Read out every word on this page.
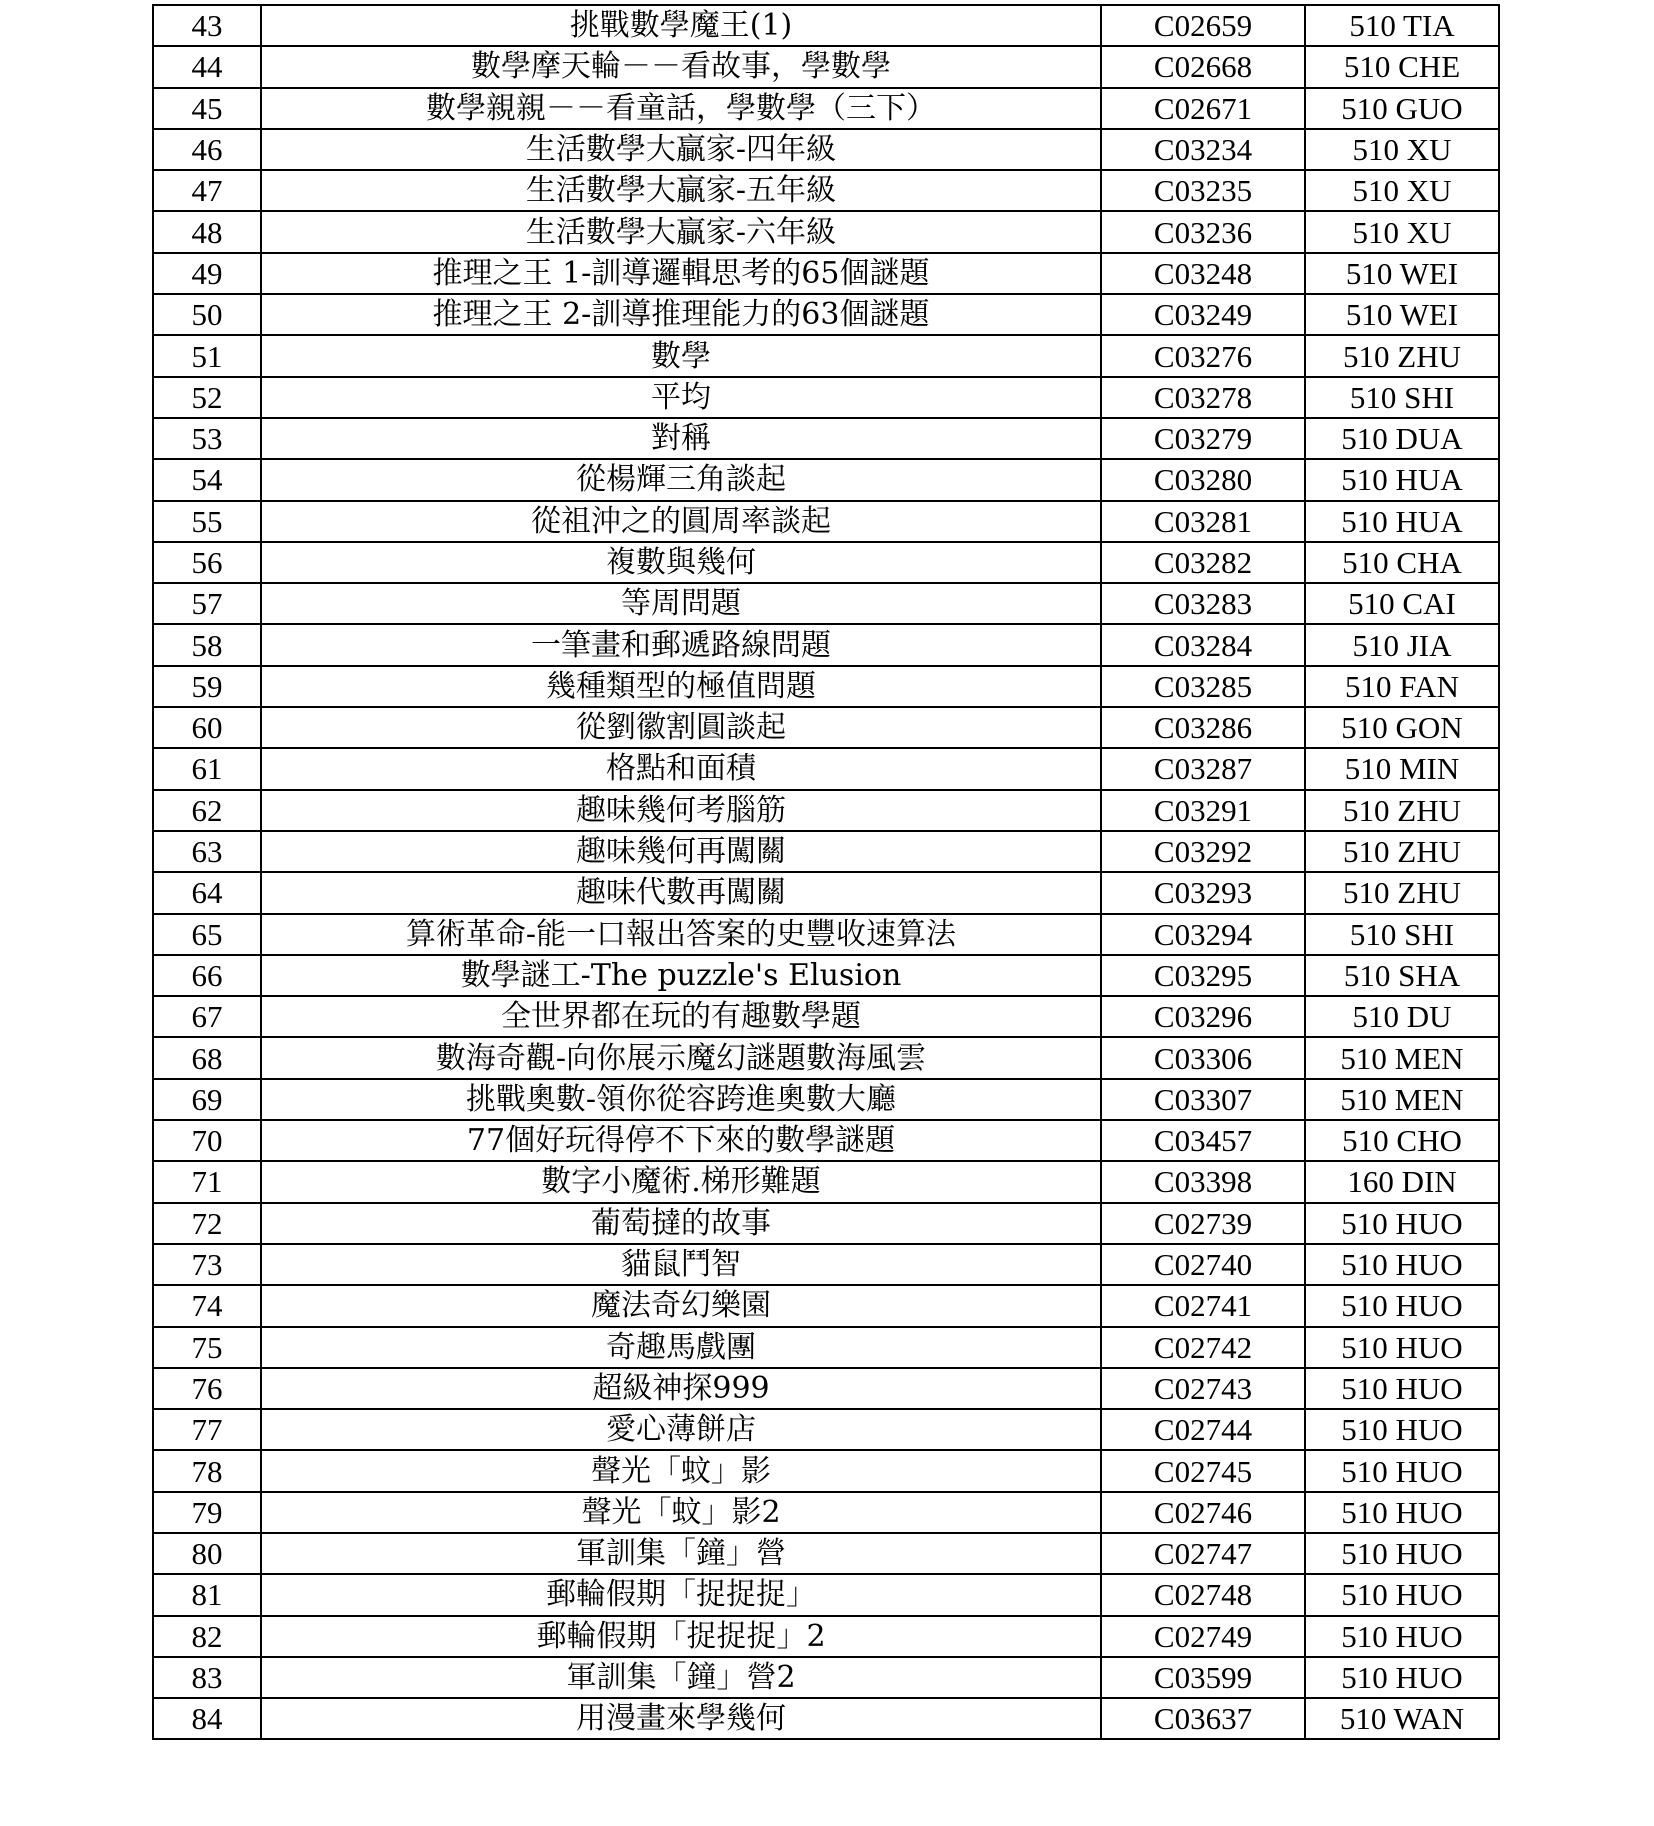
43	挑戰數學魔王(1)	C02659	510 TIA
44	數學摩天輪－－看故事，學數學	C02668	510 CHE
45	數學親親－－看童話，學數學（三下）	C02671	510 GUO
46	生活數學大贏家-四年級	C03234	510 XU
47	生活數學大贏家-五年級	C03235	510 XU
48	生活數學大贏家-六年級	C03236	510 XU
49	推理之王 1-訓導邏輯思考的65個謎題	C03248	510 WEI
50	推理之王 2-訓導推理能力的63個謎題	C03249	510 WEI
51	數學	C03276	510 ZHU
52	平均	C03278	510 SHI
53	對稱	C03279	510 DUA
54	從楊輝三角談起	C03280	510 HUA
55	從祖沖之的圓周率談起	C03281	510 HUA
56	複數與幾何	C03282	510 CHA
57	等周問題	C03283	510 CAI
58	一筆畫和郵遞路線問題	C03284	510 JIA
59	幾種類型的極值問題	C03285	510 FAN
60	從劉徽割圓談起	C03286	510 GON
61	格點和面積	C03287	510 MIN
62	趣味幾何考腦筋	C03291	510 ZHU
63	趣味幾何再闖關	C03292	510 ZHU
64	趣味代數再闖關	C03293	510 ZHU
65	算術革命-能一口報出答案的史豐收速算法	C03294	510 SHI
66	數學謎工-The puzzle's Elusion	C03295	510 SHA
67	全世界都在玩的有趣數學題	C03296	510 DU
68	數海奇觀-向你展示魔幻謎題數海風雲	C03306	510 MEN
69	挑戰奧數-領你從容跨進奧數大廳	C03307	510 MEN
70	77個好玩得停不下來的數學謎題	C03457	510 CHO
71	數字小魔術.梯形難題	C03398	160 DIN
72	葡萄撻的故事	C02739	510 HUO
73	貓鼠鬥智	C02740	510 HUO
74	魔法奇幻樂園	C02741	510 HUO
75	奇趣馬戲團	C02742	510 HUO
76	超級神探999	C02743	510 HUO
77	愛心薄餅店	C02744	510 HUO
78	聲光「蚊」影	C02745	510 HUO
79	聲光「蚊」影2	C02746	510 HUO
80	軍訓集「鐘」營	C02747	510 HUO
81	郵輪假期「捉捉捉」	C02748	510 HUO
82	郵輪假期「捉捉捉」2	C02749	510 HUO
83	軍訓集「鐘」營2	C03599	510 HUO
84	用漫畫來學幾何	C03637	510 WAN
